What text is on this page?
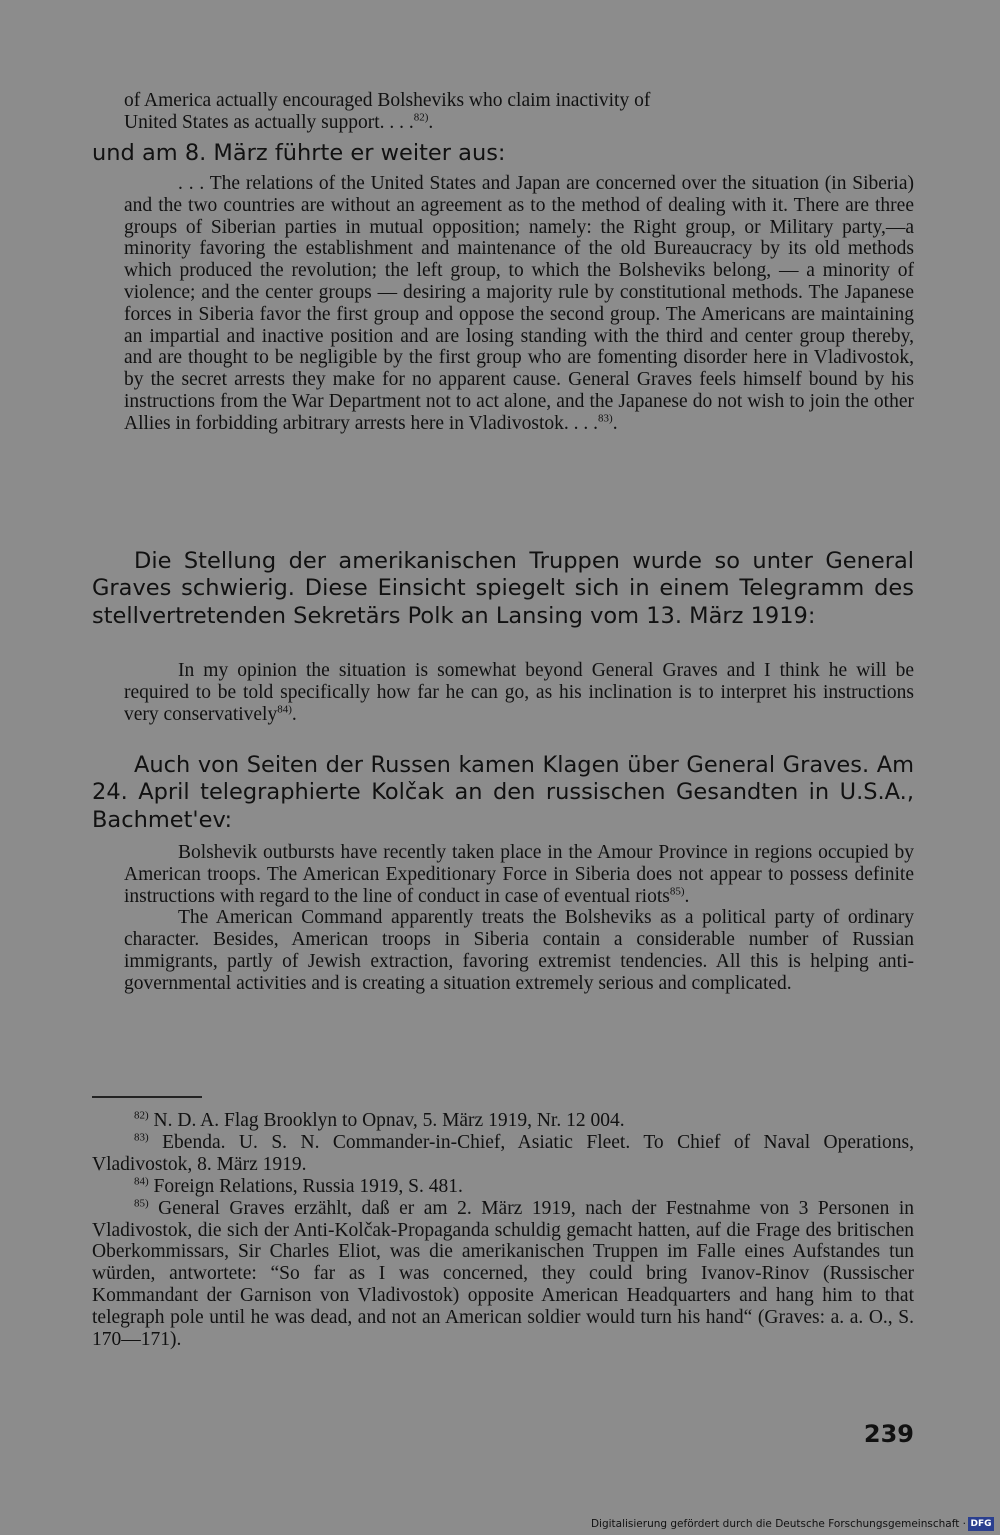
of America actually encouraged Bolsheviks who claim inactivity of

United States as actually support. . . .$^{82)}$.

und am 8. März führte er weiter aus:

. . . The relations of the United States and Japan are concerned over the situation (in Siberia) and the two countries are without an agreement as to the method of dealing with it. There are three groups of Siberian parties in mutual opposition; namely: the Right group, or Military party,—a minority favoring the establishment and maintenance of the old Bureaucracy by its old methods which produced the revolution; the left group, to which the Bolsheviks belong, — a minority of violence; and the center groups — desiring a majority rule by constitutional methods. The Japanese forces in Siberia favor the first group and oppose the second group. The Americans are maintaining an impartial and inactive position and are losing standing with the third and center group thereby, and are thought to be negligible by the first group who are fomenting disorder here in Vladivostok, by the secret arrests they make for no apparent cause. General Graves feels himself bound by his instructions from the War Department not to act alone, and the Japanese do not wish to join the other Allies in forbidding arbitrary arrests here in Vladivostok. . . .$^{83)}$.

Die Stellung der amerikanischen Truppen wurde so unter General Graves schwierig. Diese Einsicht spiegelt sich in einem Telegramm des stellvertretenden Sekretärs Polk an Lansing vom 13. März 1919:

In my opinion the situation is somewhat beyond General Graves and I think he will be required to be told specifically how far he can go, as his inclination is to interpret his instructions very conservatively$^{84)}$.

Auch von Seiten der Russen kamen Klagen über General Graves. Am 24. April telegraphierte Kolčak an den russischen Gesandten in U.S.A., Bachmet'ev:

Bolshevik outbursts have recently taken place in the Amour Province in regions occupied by American troops. The American Expeditionary Force in Siberia does not appear to possess definite instructions with regard to the line of conduct in case of eventual riots$^{85)}$.

The American Command apparently treats the Bolsheviks as a political party of ordinary character. Besides, American troops in Siberia contain a considerable number of Russian immigrants, partly of Jewish extraction, favoring extremist tendencies. All this is helping anti-governmental activities and is creating a situation extremely serious and complicated.

$^{82)}$ N. D. A. Flag Brooklyn to Opnav, 5. März 1919, Nr. 12 004.

$^{83)}$ Ebenda. U. S. N. Commander-in-Chief, Asiatic Fleet. To Chief of Naval Operations, Vladivostok, 8. März 1919.

$^{84)}$ Foreign Relations, Russia 1919, S. 481.

$^{85)}$ General Graves erzählt, daß er am 2. März 1919, nach der Festnahme von 3 Personen in Vladivostok, die sich der Anti-Kolčak-Propaganda schuldig gemacht hatten, auf die Frage des britischen Oberkommissars, Sir Charles Eliot, was die amerikanischen Truppen im Falle eines Aufstandes tun würden, antwortete: “So far as I was concerned, they could bring Ivanov-Rinov (Russischer Kommandant der Garnison von Vladivostok) opposite American Headquarters and hang him to that telegraph pole until he was dead, and not an American soldier would turn his hand“ (Graves: a. a. O., S. 170—171).

239
Digitalisierung gefördert durch die Deutsche Forschungsgemeinschaft · DFG
